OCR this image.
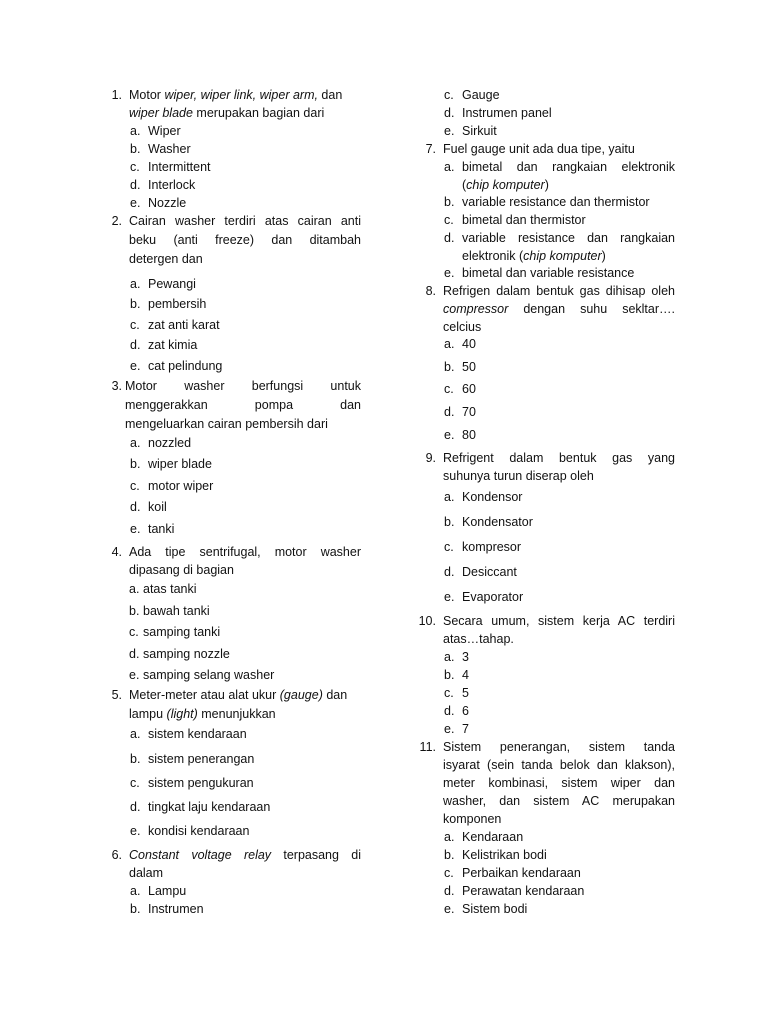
1. Motor wiper, wiper link, wiper arm, dan
wiper blade merupakan bagian dari
a. Wiper
b. Washer
c. Intermittent
d. Interlock
e. Nozzle
2. Cairan washer terdiri atas cairan anti
beku (anti freeze) dan ditambah
detergen dan
a. Pewangi
b. pembersih
c. zat anti karat
d. zat kimia
e. cat pelindung
3. Motor washer berfungsi untuk
menggerakkan pompa dan
mengeluarkan cairan pembersih dari
a. nozzled
b. wiper blade
c. motor wiper
d. koil
e. tanki
4. Ada tipe sentrifugal, motor washer
dipasang di bagian
a. atas tanki
b. bawah tanki
c. samping tanki
d. samping nozzle
e. samping selang washer
5. Meter-meter atau alat ukur (gauge) dan
lampu (light) menunjukkan
a. sistem kendaraan
b. sistem penerangan
c. sistem pengukuran
d. tingkat laju kendaraan
e. kondisi kendaraan
6. Constant voltage relay terpasang di
dalam
a. Lampu
b. Instrumen
c. Gauge
d. Instrumen panel
e. Sirkuit
7. Fuel gauge unit ada dua tipe, yaitu
a. bimetal dan rangkaian elektronik
(chip komputer)
b. variable resistance dan thermistor
c. bimetal dan thermistor
d. variable resistance dan rangkaian
elektronik (chip komputer)
e. bimetal dan variable resistance
8. Refrigen dalam bentuk gas dihisap oleh
compressor dengan suhu sekltar….
celcius
a. 40
b. 50
c. 60
d. 70
e. 80
9. Refrigent dalam bentuk gas yang
suhunya turun diserap oleh
a. Kondensor
b. Kondensator
c. kompresor
d. Desiccant
e. Evaporator
10. Secara umum, sistem kerja AC terdiri
atas…tahap.
a. 3
b. 4
c. 5
d. 6
e. 7
11. Sistem penerangan, sistem tanda
isyarat (sein tanda belok dan klakson),
meter kombinasi, sistem wiper dan
washer, dan sistem AC merupakan
komponen
a. Kendaraan
b. Kelistrikan bodi
c. Perbaikan kendaraan
d. Perawatan kendaraan
e. Sistem bodi
